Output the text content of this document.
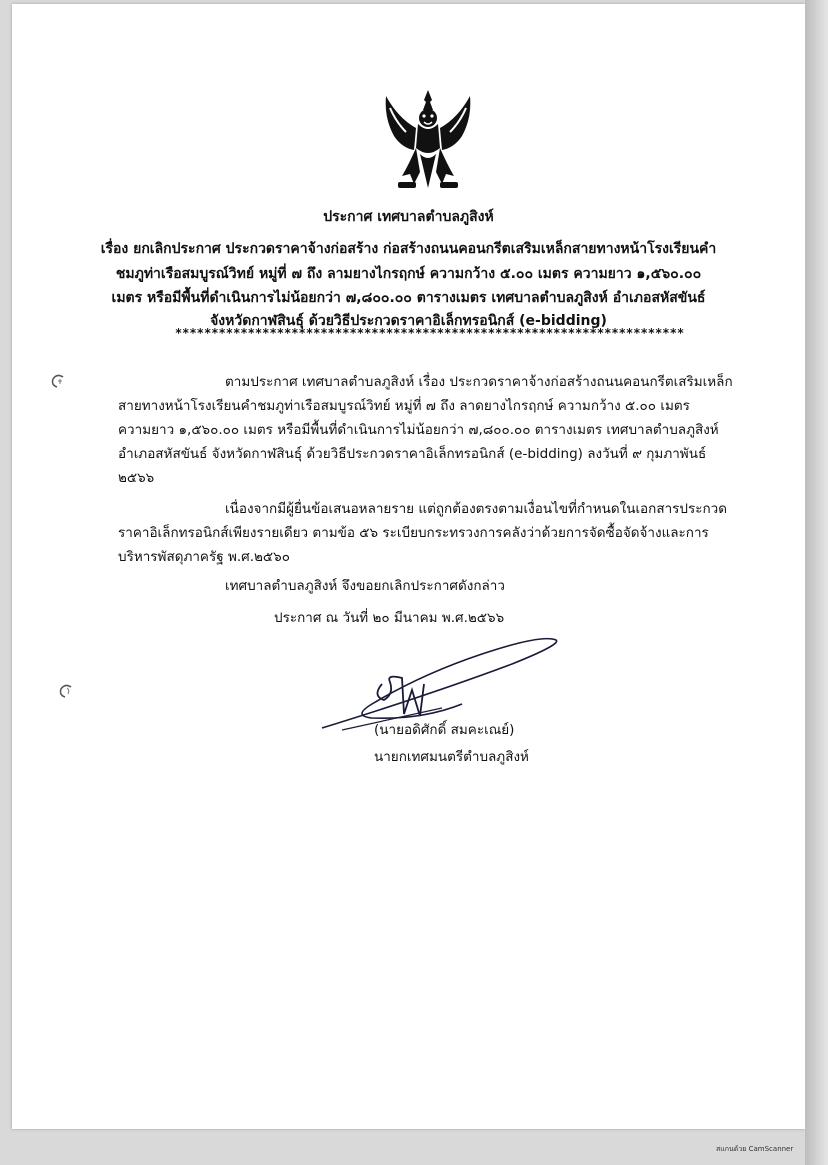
ประกาศ เทศบาลตำบลภูสิงห์
เรื่อง ยกเลิกประกาศ ประกวดราคาจ้างก่อสร้าง ก่อสร้างถนนคอนกรีตเสริมเหล็กสายทางหน้าโรงเรียนคำ
ชมภูท่าเรือสมบูรณ์วิทย์ หมู่ที่ ๗ ถึง ลามยางไกรฤกษ์ ความกว้าง ๕.๐๐ เมตร ความยาว ๑,๕๖๐.๐๐
เมตร หรือมีพื้นที่ดำเนินการไม่น้อยกว่า ๗,๘๐๐.๐๐ ตารางเมตร เทศบาลตำบลภูสิงห์ อำเภอสหัสขันธ์
จังหวัดกาฬสินธุ์ ด้วยวิธีประกวดราคาอิเล็กทรอนิกส์ (e-bidding)
**********************************************************************
ตามประกาศ เทศบาลตำบลภูสิงห์ เรื่อง ประกวดราคาจ้างก่อสร้างถนนคอนกรีตเสริมเหล็ก
สายทางหน้าโรงเรียนคำชมภูท่าเรือสมบูรณ์วิทย์ หมู่ที่ ๗ ถึง ลาดยางไกรฤกษ์ ความกว้าง ๕.๐๐ เมตร
ความยาว ๑,๕๖๐.๐๐ เมตร หรือมีพื้นที่ดำเนินการไม่น้อยกว่า ๗,๘๐๐.๐๐ ตารางเมตร เทศบาลตำบลภูสิงห์
อำเภอสหัสขันธ์ จังหวัดกาฬสินธุ์ ด้วยวิธีประกวดราคาอิเล็กทรอนิกส์ (e-bidding) ลงวันที่ ๙ กุมภาพันธ์
๒๕๖๖
เนื่องจากมีผู้ยื่นข้อเสนอหลายราย แต่ถูกต้องตรงตามเงื่อนไขที่กำหนดในเอกสารประกวด
ราคาอิเล็กทรอนิกส์เพียงรายเดียว ตามข้อ ๕๖ ระเบียบกระทรวงการคลังว่าด้วยการจัดซื้อจัดจ้างและการ
บริหารพัสดุภาครัฐ พ.ศ.๒๕๖๐
เทศบาลตำบลภูสิงห์ จึงขอยกเลิกประกาศดังกล่าว
ประกาศ ณ วันที่ ๒๐ มีนาคม พ.ศ.๒๕๖๖
(นายอดิศักดิ์ สมคะเณย์)
นายกเทศมนตรีตำบลภูสิงห์
สแกนด้วย CamScanner
